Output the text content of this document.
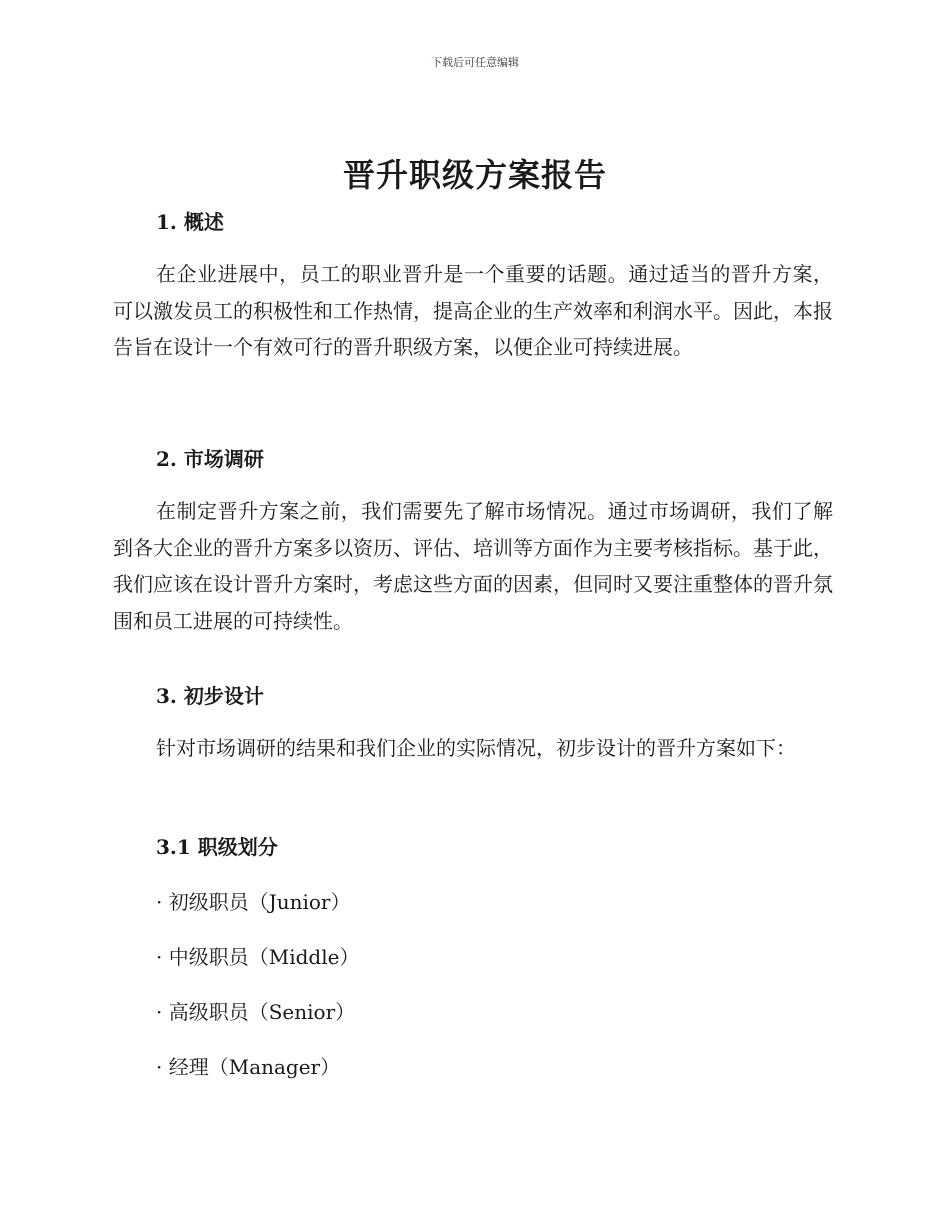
下载后可任意编辑
晋升职级方案报告
1. 概述

在企业进展中，员工的职业晋升是一个重要的话题。通过适当的晋升方案，可以激发员工的积极性和工作热情，提高企业的生产效率和利润水平。因此，本报告旨在设计一个有效可行的晋升职级方案，以便企业可持续进展。

2. 市场调研

在制定晋升方案之前，我们需要先了解市场情况。通过市场调研，我们了解到各大企业的晋升方案多以资历、评估、培训等方面作为主要考核指标。基于此，我们应该在设计晋升方案时，考虑这些方面的因素，但同时又要注重整体的晋升氛围和员工进展的可持续性。

3. 初步设计

针对市场调研的结果和我们企业的实际情况，初步设计的晋升方案如下：

3.1 职级划分

· 初级职员（Junior）

· 中级职员（Middle）

· 高级职员（Senior）

· 经理（Manager）
